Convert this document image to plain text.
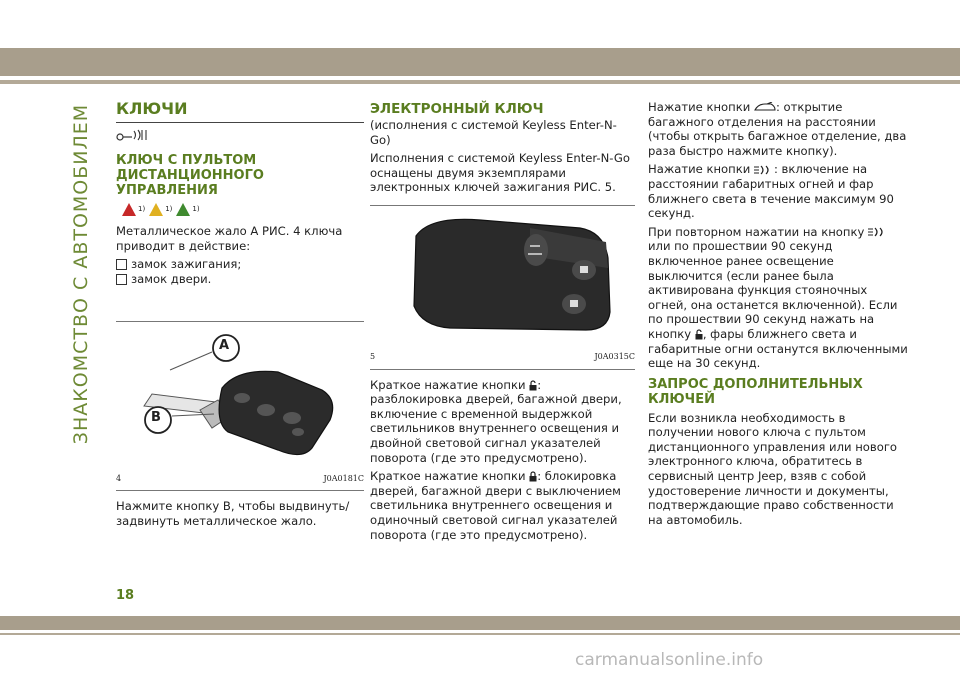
ЗНАКОМСТВО С АВТОМОБИЛЕМ КЛЮЧИ
КЛЮЧ С ПУЛЬТОМ ДИСТАНЦИОННОГО УПРАВЛЕНИЯ
1)	1)	1)

Металлическое жало А РИС. 4 ключа приводит в действие:

замок зажигания;
замок двери.
A
B
4	J0A0181C

Нажмите кнопку B, чтобы выдвинуть/ задвинуть металлическое жало.

ЭЛЕКТРОННЫЙ КЛЮЧ

(исполнения с системой Keyless Enter-N-Go)

Исполнения с системой Keyless Enter-N-Go оснащены двумя экземплярами электронных ключей зажигания РИС. 5.

5	J0A0315C

Краткое нажатие кнопки : разблокировка дверей, багажной двери, включение с временной выдержкой светильников внутреннего освещения и двойной световой сигнал указателей поворота (где это предусмотрено).

Краткое нажатие кнопки : блокировка дверей, багажной двери с выключением светильника внутреннего освещения и одиночный световой сигнал указателей поворота (где это предусмотрено).

Нажатие кнопки : открытие багажного отделения на расстоянии (чтобы открыть багажное отделение, два раза быстро нажмите кнопку).

Нажатие кнопки : включение на расстоянии габаритных огней и фар ближнего света в течение максимум 90 секунд.

При повторном нажатии на кнопку  или по прошествии 90 секунд включенное ранее освещение выключится (если ранее была активирована функция стояночных огней, она останется включенной). Если по прошествии 90 секунд нажать на кнопку , фары ближнего света и габаритные огни останутся включенными еще на 30 секунд.

ЗАПРОС ДОПОЛНИТЕЛЬНЫХ КЛЮЧЕЙ

Если возникла необходимость в получении нового ключа с пультом дистанционного управления или нового электронного ключа, обратитесь в сервисный центр Jeep, взяв с собой удостоверение личности и документы, подтверждающие право собственности на автомобиль.

18
carmanualsonline.info
